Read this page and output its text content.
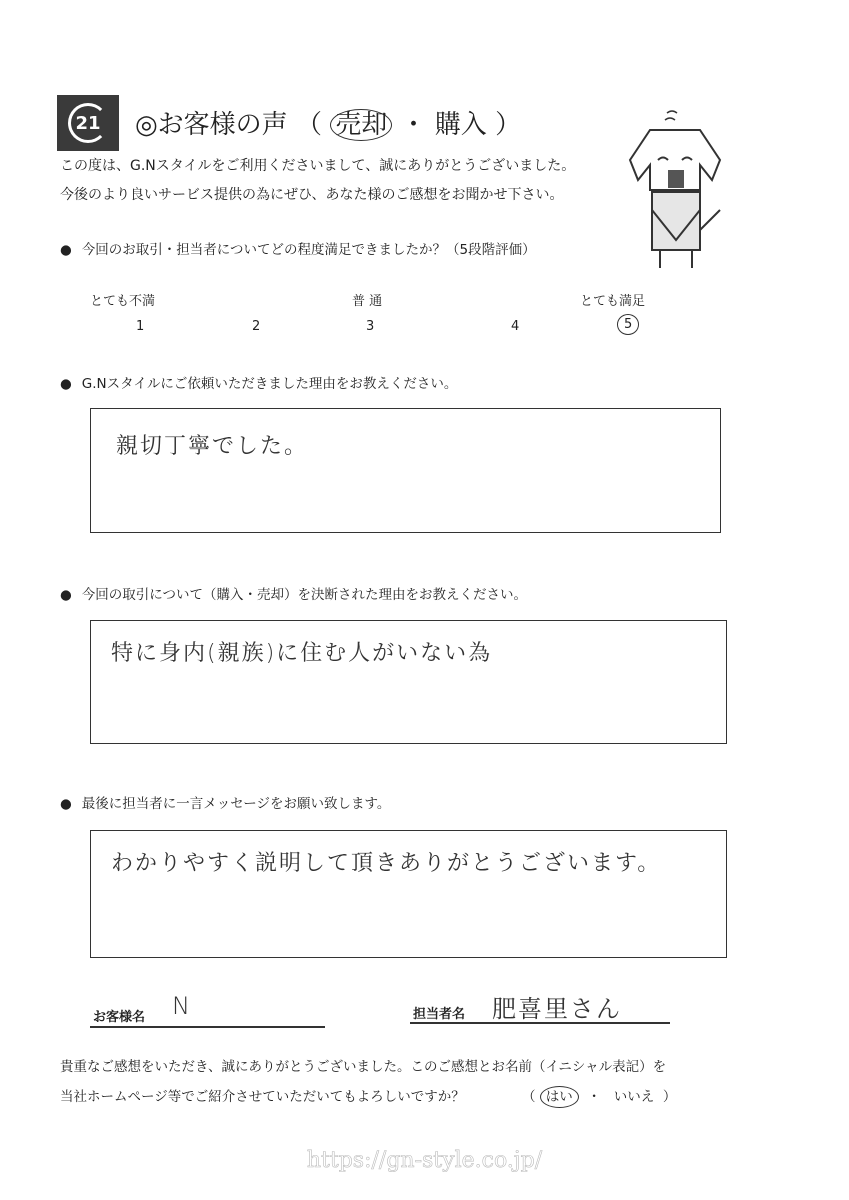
21 ◎お客様の声 （ 売却 ・ 購入 ）
この度は、G.Nスタイルをご利用くださいまして、誠にありがとうございました。
今後のより良いサービス提供の為にぜひ、あなた様のご感想をお聞かせ下さい。
● 今回のお取引・担当者についてどの程度満足できましたか？（5段階評価）
とても不満	普 通	とても満足
1	2	3	4	5
● G.Nスタイルにご依頼いただきました理由をお教えください。
親切丁寧でした。
● 今回の取引について（購入・売却）を決断された理由をお教えください。
特に身内(親族)に住む人がいない為
● 最後に担当者に一言メッセージをお願い致します。
わかりやすく説明して頂きありがとうございます。
お客様名 N	担当者名 肥喜里さん
貴重なご感想をいただき、誠にありがとうございました。このご感想とお名前（イニシャル表記）を
当社ホームページ等でご紹介させていただいてもよろしいですか？	（ はい ・ いいえ ）
https://gn-style.co.jp/
